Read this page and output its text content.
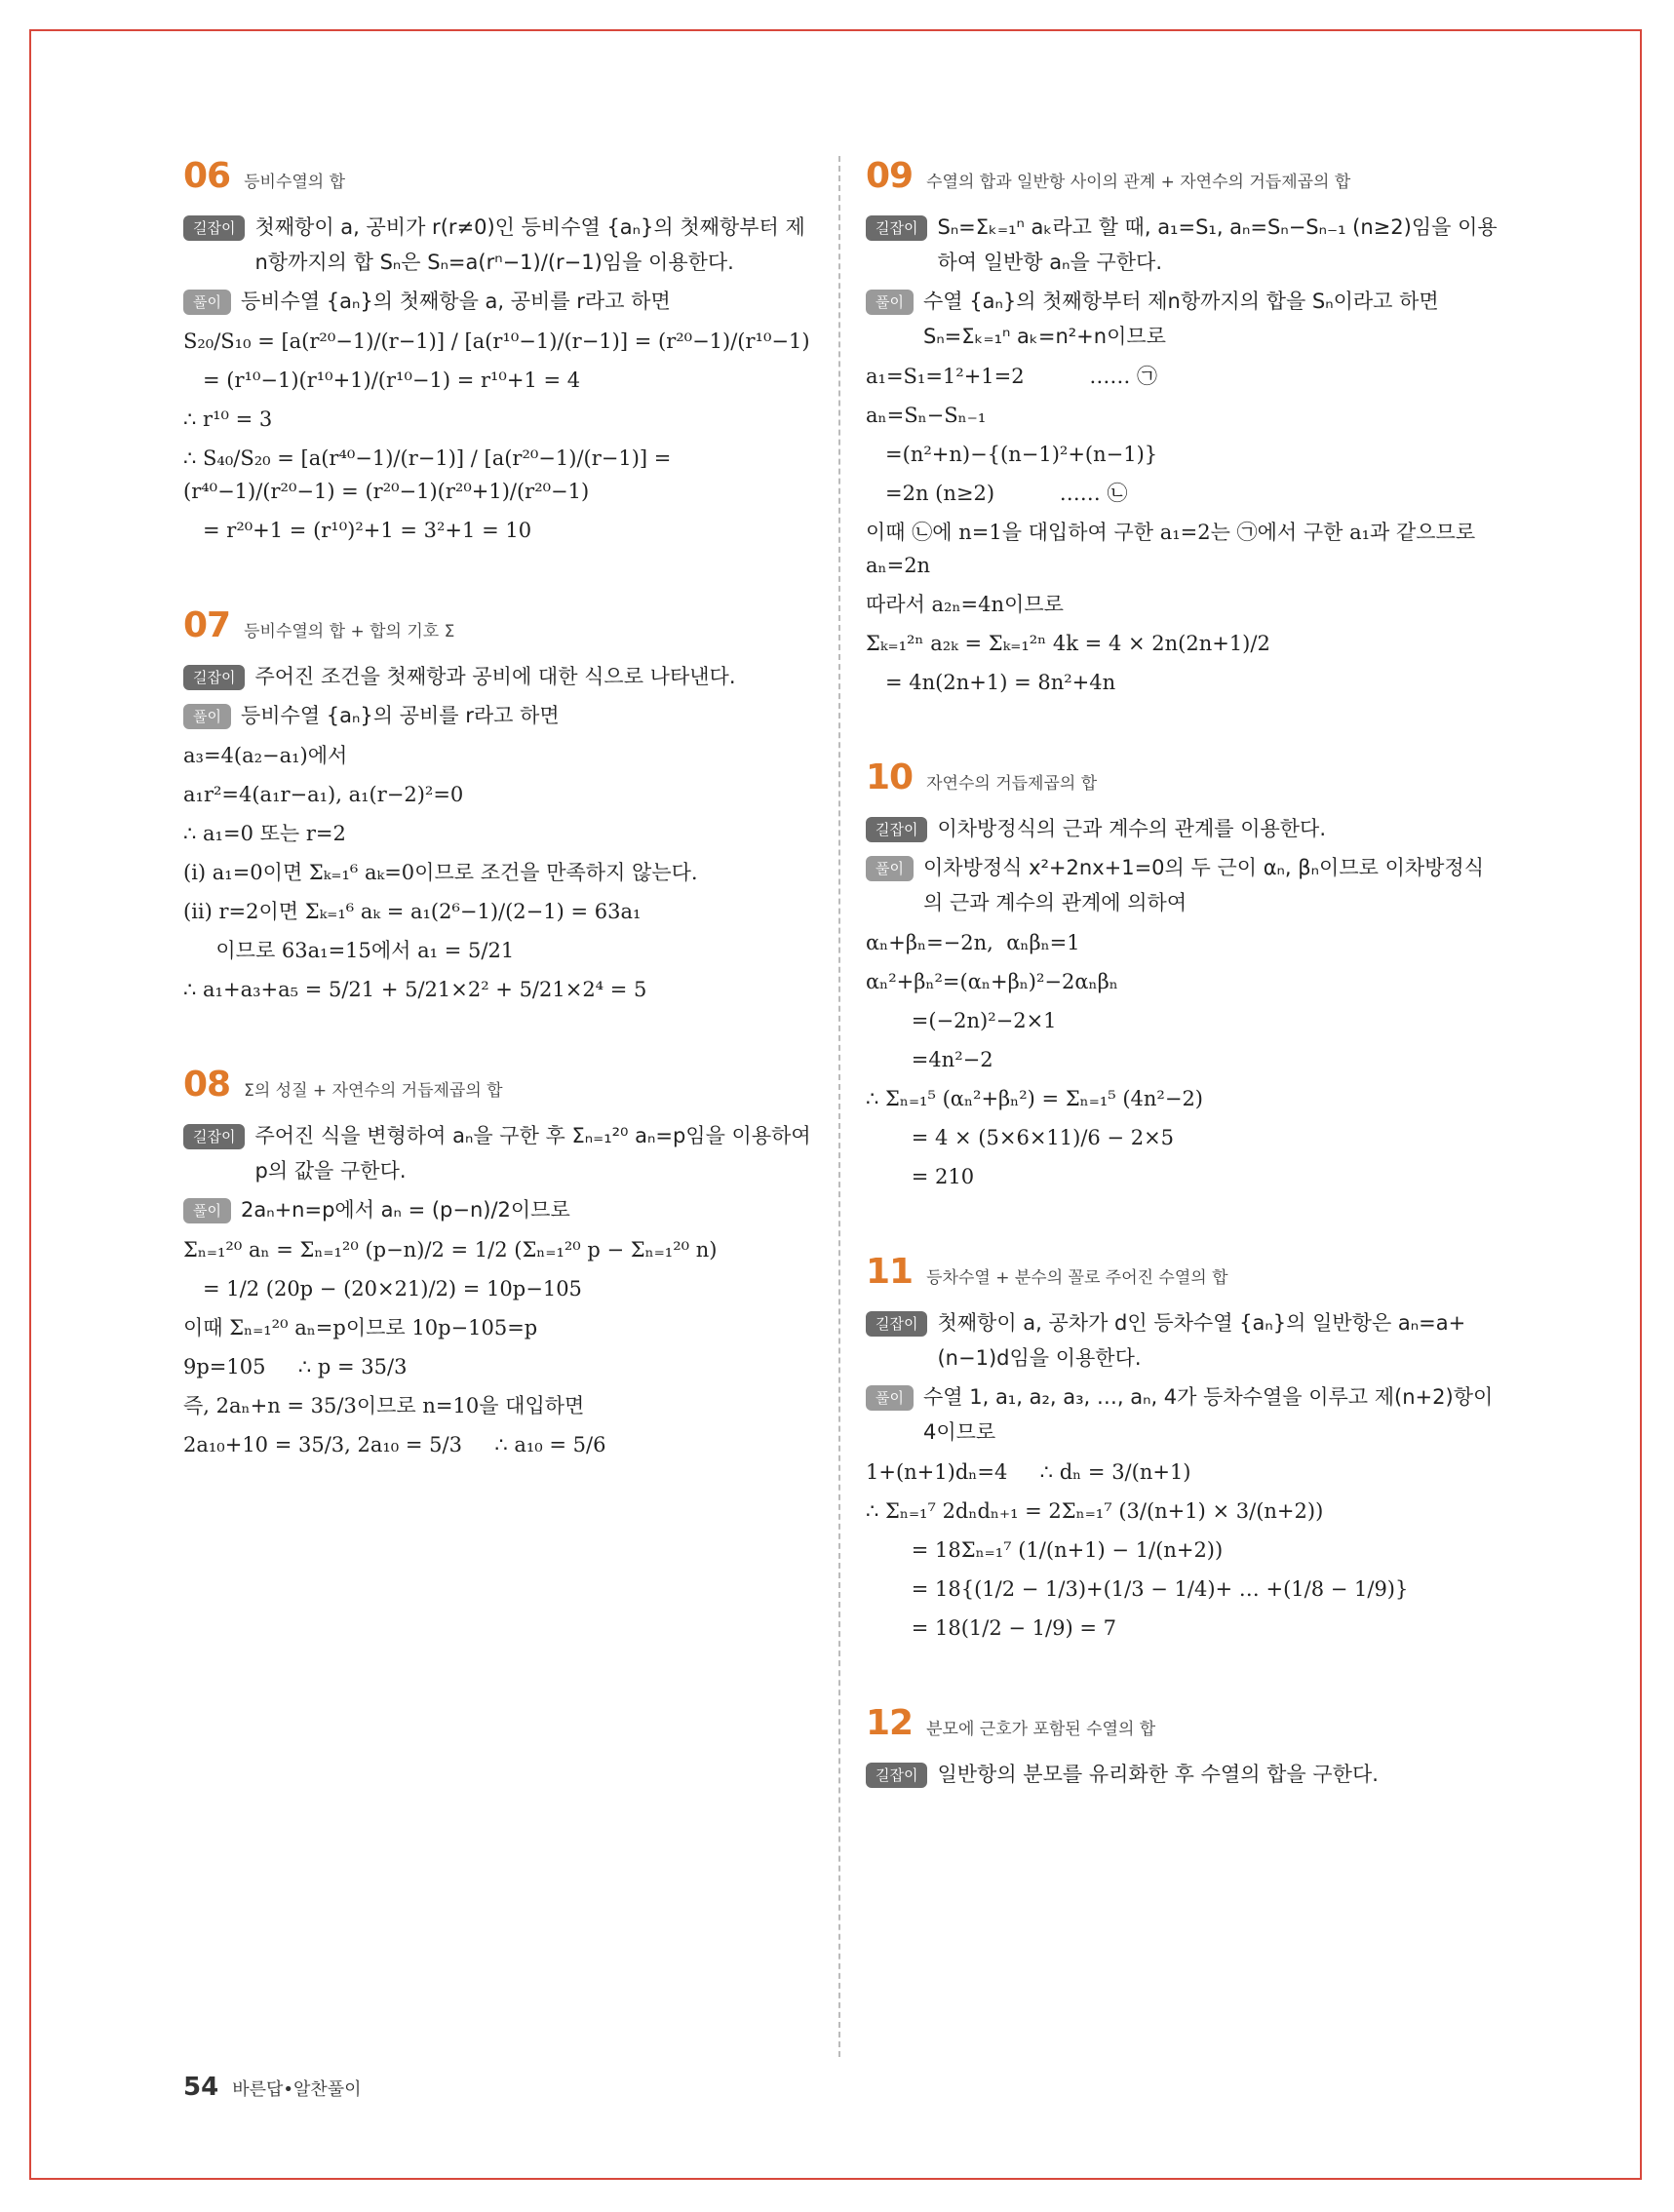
06 등비수열의 합
길잡이 첫째항이 a, 공비가 r(r≠0)인 등비수열 {aₙ}의 첫째항부터 제n항까지의 합 Sₙ은 Sₙ=a(rⁿ−1)/(r−1)임을 이용한다.
풀이 등비수열 {aₙ}의 첫째항을 a, 공비를 r라고 하면
S₂₀/S₁₀ = [a(r²⁰−1)/(r−1)] / [a(r¹⁰−1)/(r−1)] = (r²⁰−1)/(r¹⁰−1)
= (r¹⁰−1)(r¹⁰+1)/(r¹⁰−1) = r¹⁰+1 = 4
∴ r¹⁰ = 3
∴ S₄₀/S₂₀ = [a(r⁴⁰−1)/(r−1)] / [a(r²⁰−1)/(r−1)] = (r⁴⁰−1)/(r²⁰−1) = (r²⁰−1)(r²⁰+1)/(r²⁰−1)
= r²⁰+1 = (r¹⁰)²+1 = 3²+1 = 10
07 등비수열의 합 + 합의 기호 Σ
길잡이 주어진 조건을 첫째항과 공비에 대한 식으로 나타낸다.
풀이 등비수열 {aₙ}의 공비를 r라고 하면
a₃=4(a₂−a₁)에서
a₁r²=4(a₁r−a₁), a₁(r−2)²=0
∴ a₁=0 또는 r=2
(ⅰ) a₁=0이면 Σₖ₌₁⁶ aₖ=0이므로 조건을 만족하지 않는다.
(ⅱ) r=2이면 Σₖ₌₁⁶ aₖ = a₁(2⁶−1)/(2−1) = 63a₁
이므로 63a₁=15에서 a₁ = 5/21
∴ a₁+a₃+a₅ = 5/21 + 5/21×2² + 5/21×2⁴ = 5
08 Σ의 성질 + 자연수의 거듭제곱의 합
길잡이 주어진 식을 변형하여 aₙ을 구한 후 Σₙ₌₁²⁰ aₙ=p임을 이용하여 p의 값을 구한다.
풀이 2aₙ+n=p에서 aₙ = (p−n)/2이므로
Σₙ₌₁²⁰ aₙ = Σₙ₌₁²⁰ (p−n)/2 = 1/2 (Σₙ₌₁²⁰ p − Σₙ₌₁²⁰ n)
= 1/2 (20p − (20×21)/2) = 10p−105
이때 Σₙ₌₁²⁰ aₙ=p이므로 10p−105=p
9p=105     ∴ p = 35/3
즉, 2aₙ+n = 35/3이므로 n=10을 대입하면
2a₁₀+10 = 35/3, 2a₁₀ = 5/3     ∴ a₁₀ = 5/6
09 수열의 합과 일반항 사이의 관계 + 자연수의 거듭제곱의 합
길잡이 Sₙ=Σₖ₌₁ⁿ aₖ라고 할 때, a₁=S₁, aₙ=Sₙ−Sₙ₋₁ (n≥2)임을 이용하여 일반항 aₙ을 구한다.
풀이 수열 {aₙ}의 첫째항부터 제n항까지의 합을 Sₙ이라고 하면 Sₙ=Σₖ₌₁ⁿ aₖ=n²+n이므로
a₁=S₁=1²+1=2          …… ㉠
aₙ=Sₙ−Sₙ₋₁
=(n²+n)−{(n−1)²+(n−1)}
=2n (n≥2)          …… ㉡
이때 ㉡에 n=1을 대입하여 구한 a₁=2는 ㉠에서 구한 a₁과 같으므로 aₙ=2n
따라서 a₂ₙ=4n이므로
Σₖ₌₁²ⁿ a₂ₖ = Σₖ₌₁²ⁿ 4k = 4 × 2n(2n+1)/2
= 4n(2n+1) = 8n²+4n
10 자연수의 거듭제곱의 합
길잡이 이차방정식의 근과 계수의 관계를 이용한다.
풀이 이차방정식 x²+2nx+1=0의 두 근이 αₙ, βₙ이므로 이차방정식의 근과 계수의 관계에 의하여
αₙ+βₙ=−2n,  αₙβₙ=1
αₙ²+βₙ²=(αₙ+βₙ)²−2αₙβₙ
=(−2n)²−2×1
=4n²−2
∴ Σₙ₌₁⁵ (αₙ²+βₙ²) = Σₙ₌₁⁵ (4n²−2)
= 4 × (5×6×11)/6 − 2×5
= 210
11 등차수열 + 분수의 꼴로 주어진 수열의 합
길잡이 첫째항이 a, 공차가 d인 등차수열 {aₙ}의 일반항은 aₙ=a+(n−1)d임을 이용한다.
풀이 수열 1, a₁, a₂, a₃, …, aₙ, 4가 등차수열을 이루고 제(n+2)항이 4이므로
1+(n+1)dₙ=4     ∴ dₙ = 3/(n+1)
∴ Σₙ₌₁⁷ 2dₙdₙ₊₁ = 2Σₙ₌₁⁷ (3/(n+1) × 3/(n+2))
= 18Σₙ₌₁⁷ (1/(n+1) − 1/(n+2))
= 18{(1/2 − 1/3)+(1/3 − 1/4)+ … +(1/8 − 1/9)}
= 18(1/2 − 1/9) = 7
12 분모에 근호가 포함된 수열의 합
길잡이 일반항의 분모를 유리화한 후 수열의 합을 구한다.
54 바른답•알찬풀이
